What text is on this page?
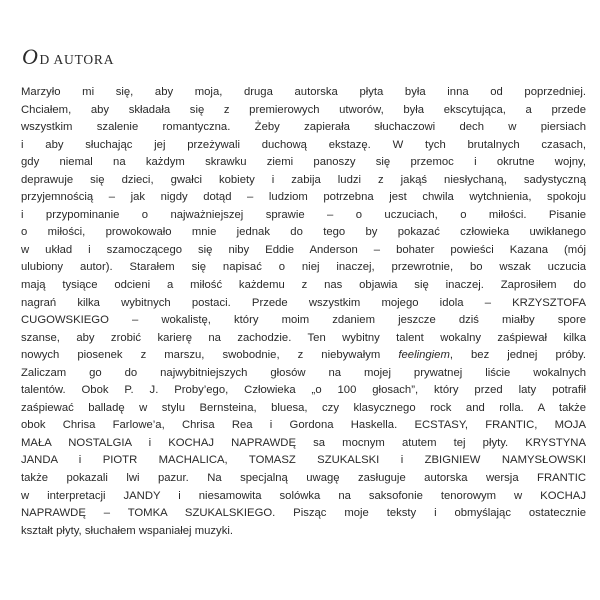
O D AUTORA
Marzyło mi się, aby moja, druga autorska płyta była inna od poprzedniej.
Chciałem, aby składała się z premierowych utworów, była ekscytująca, a przede
wszystkim szalenie romantyczna. Żeby zapierała słuchaczowi dech w piersiach
i aby słuchając jej przeżywali duchową ekstazę. W tych brutalnych czasach,
gdy niemal na każdym skrawku ziemi panoszy się przemoc i okrutne wojny,
deprawuje się dzieci, gwałci kobiety i zabija ludzi z jakąś niesłychaną, sadystyczną
przyjemnością – jak nigdy dotąd – ludziom potrzebna jest chwila wytchnienia, spokoju
i przypominanie o najważniejszej sprawie – o uczuciach, o miłości. Pisanie
o miłości, prowokowało mnie jednak do tego by pokazać człowieka uwikłanego
w układ i szamoczącego się niby Eddie Anderson – bohater powieści Kazana (mój
ulubiony autor). Starałem się napisać o niej inaczej, przewrotnie, bo wszak uczucia
mają tysiące odcieni a miłość każdemu z nas objawia się inaczej. Zaprosiłem do
nagrań kilka wybitnych postaci. Przede wszystkim mojego idola – KRZYSZTOFA
CUGOWSKIEGO – wokalistę, który moim zdaniem jeszcze dziś miałby spore
szanse, aby zrobić karierę na zachodzie. Ten wybitny talent wokalny zaśpiewał kilka
nowych piosenek z marszu, swobodnie, z niebywałym feelingiem, bez jednej próby.
Zaliczam go do najwybitniejszych głosów na mojej prywatnej liście wokalnych
talentów. Obok P. J. Proby’ego, Człowieka „o 100 głosach”, który przed laty potrafił
zaśpiewać balladę w stylu Bernsteina, bluesa, czy klasycznego rock and rolla. A także
obok Chrisa Farlowe’a, Chrisa Rea i Gordona Haskella. ECSTASY, FRANTIC, MOJA
MAŁA NOSTALGIA i KOCHAJ NAPRAWDĘ sa mocnym atutem tej płyty. KRYSTYNA
JANDA i PIOTR MACHALICA, TOMASZ SZUKALSKI i ZBIGNIEW NAMYSŁOWSKI
także pokazali lwi pazur. Na specjalną uwagę zasługuje autorska wersja FRANTIC
w interpretacji JANDY i niesamowita solówka na saksofonie tenorowym w KOCHAJ
NAPRAWDĘ – TOMKA SZUKALSKIEGO. Pisząc moje teksty i obmyślając ostatecznie
kształt płyty, słuchałem wspaniałej muzyki.
